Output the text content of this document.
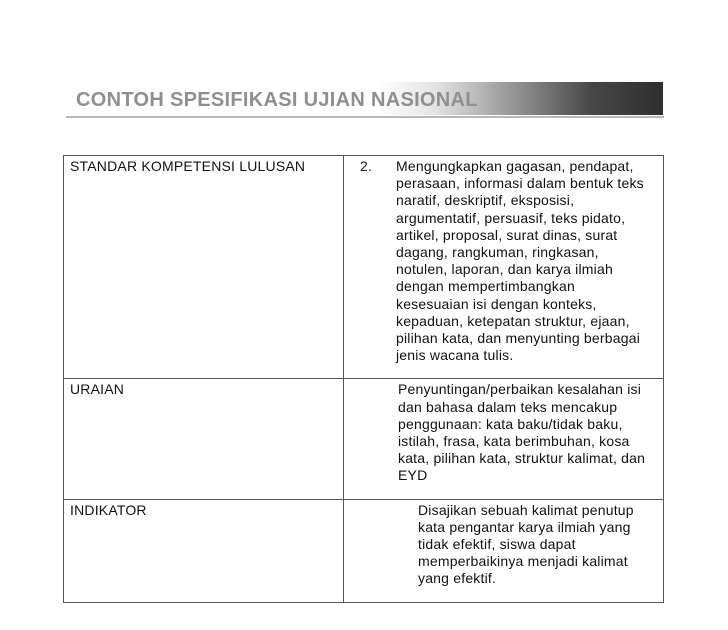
CONTOH SPESIFIKASI UJIAN NASIONAL
STANDAR KOMPETENSI LULUSAN	2. Mengungkapkan gagasan, pendapat, perasaan, informasi dalam bentuk teks naratif, deskriptif, eksposisi, argumentatif, persuasif, teks pidato, artikel, proposal, surat dinas, surat dagang, rangkuman, ringkasan, notulen, laporan, dan karya ilmiah dengan mempertimbangkan kesesuaian isi dengan konteks, kepaduan, ketepatan struktur, ejaan, pilihan kata, dan menyunting berbagai jenis wacana tulis.
URAIAN	Penyuntingan/perbaikan kesalahan isi dan bahasa dalam teks mencakup penggunaan: kata baku/tidak baku, istilah, frasa, kata berimbuhan, kosa kata, pilihan kata, struktur kalimat, dan EYD

INDIKATOR	Disajikan sebuah kalimat penutup kata pengantar karya ilmiah yang tidak efektif, siswa dapat memperbaikinya menjadi kalimat yang efektif.
